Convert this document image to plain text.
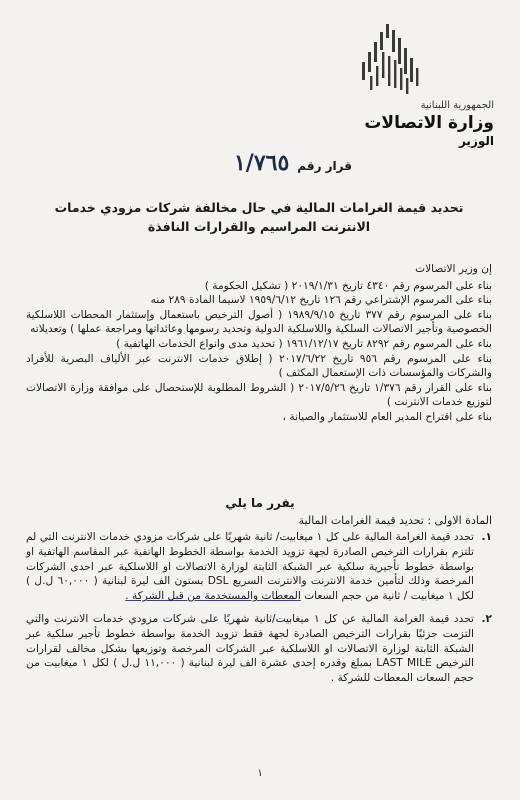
الجمهورية اللبنانية
وزارة الاتصالات
الوزير
قرار رقم
١/٧٦٥
تحديد قيمة الغرامات المالية في حال مخالفة شركات مزودي خدمات الانترنت المراسيم والقرارات النافذة

إن وزير الاتصالات

بناء على المرسوم رقم ٤٣٤٠ تاريخ ٢٠١٩/١/٣١ ( تشكيل الحكومة )

بناء على المرسوم الإشتراعي رقم ١٢٦ تاريخ ١٩٥٩/٦/١٢ لاسيما المادة ٢٨٩ منه

بناء على المرسوم رقم ٣٧٧ تاريخ ١٩٨٩/٩/١٥ ( أصول الترخيص باستعمال وإستثمار المحطات اللاسلكية الخصوصية وتأجير الاتصالات السلكية واللاسلكية الدولية وتحديد رسومها وعائداتها ومراجعة عملها ) وتعديلاته

بناء على المرسوم رقم ٨٢٩٢ تاريخ ١٩٦١/١٢/١٧ ( تحديد مدى وانواع الخدمات الهاتفية )

بناء على المرسوم رقم ٩٥٦ تاريخ ٢٠١٧/٦/٢٢ ( إطلاق خدمات الانترنت عبر الألياف البصرية للأفراد والشركات والمؤسسات ذات الإستعمال المكثف )

بناء على القرار رقم ١/٣٧٦ تاريخ ٢٠١٧/٥/٢٦ ( الشروط المطلوبة للإستحصال على موافقة وزارة الاتصالات لتوزيع خدمات الانترنت )

بناء على اقتراح المدير العام للاستثمار والصيانة ،

يقرر ما يلي
المادة الاولى : تحديد قيمة الغرامات المالية
١.
تحدد قيمة الغرامة المالية على كل ١ ميغابيت/ ثانية شهريًا على شركات مزودي خدمات الانترنت التي لم تلتزم بقرارات الترخيص الصادرة لجهة تزويد الخدمة بواسطة الخطوط الهاتفية عبر المقاسم الهاتفية او بواسطة خطوط تأجيرية سلكية عبر الشبكة الثابتة لوزارة الاتصالات او اللاسلكية عبر احدى الشركات المرخصة وذلك لتأمين خدمة الانترنت والانترنت السريع DSL بستون الف ليرة لبنانية ( ٦٠,٠٠٠ ل.ل ) لكل ١ ميغابيت / ثانية من حجم السعات المعطات والمستخدمة من قبل الشركة .
٢.
تحدد قيمة الغرامة المالية عن كل ١ ميغابيت/ثانية شهريًا على شركات مزودي خدمات الانترنت والتي التزمت جزئيًا بقرارات الترخيص الصادرة لجهة فقط تزويد الخدمة بواسطة خطوط تأجير سلكية عبر الشبكة الثابتة لوزارة الاتصالات او اللاسلكية عبر الشركات المرخصة وتوزيعها بشكل مخالف لقرارات الترخيص LAST MILE بمبلغ وقدره إحدى عشرة الف ليرة لبنانية ( ١١,٠٠٠ ل.ل ) لكل ١ ميغابيت من حجم السعات المعطات للشركة .
١
